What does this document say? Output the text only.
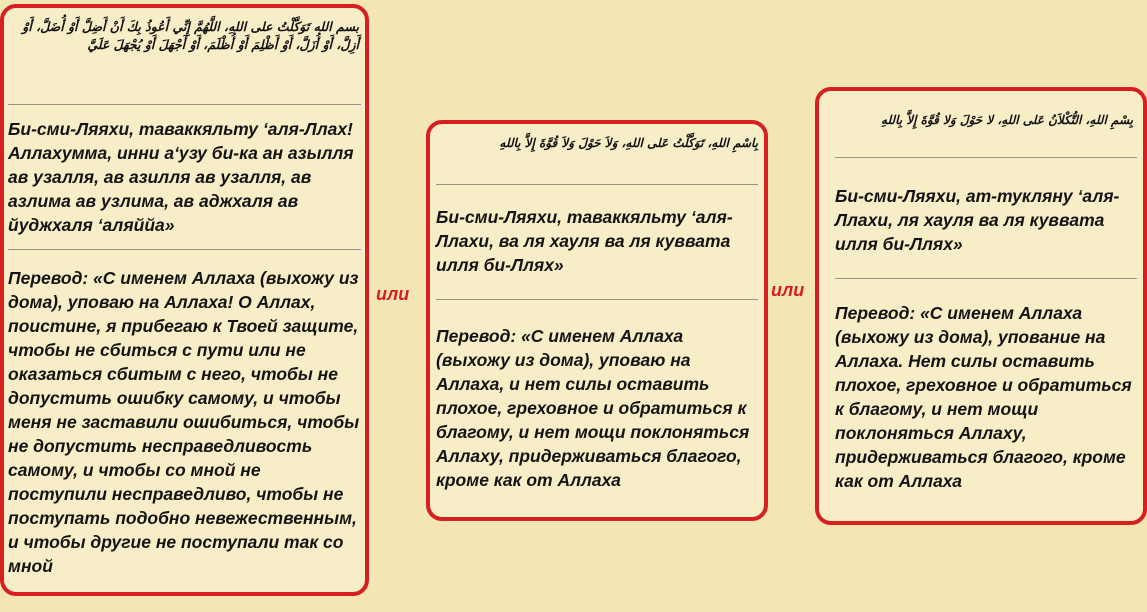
بسم الله تَوَكَّلْتُ على اللهِ، اللَّهُمَّ إِنِّي أَعُوذُ بِكَ أَنْ أَضِلَّ أَوْ أُضَلَّ، أَوْ أَزِلَّ، أَوْ أُزَلَّ، أَوْ أَظْلِمَ أَوْ أُظْلَمَ، أَوْ أَجْهَلَ أَوْ يُجْهَلَ عَلَيَّ
Би-сми-Ляяхи, таваккяльту ‘аля-Ллах! Аллахумма, инни а‘узу би-ка ан азылля ав узалля, ав азилля ав узалля, ав азлима ав узлима, ав аджхаля ав йуджхаля ‘аляййа»
Перевод: «С именем Аллаха (выхожу из дома), уповаю на Аллаха! О Аллах, поистине, я прибегаю к Твоей защите, чтобы не сбиться с пути или не оказаться сбитым с него, чтобы не допустить ошибку самому, и чтобы меня не заставили ошибиться, чтобы не допустить несправедливость самому, и чтобы со мной не поступили несправедливо, чтобы не поступать подобно невежественным, и чтобы другие не поступали так со мной
или
بِاسْمِ اللهِ، تَوَكَّلْتُ عَلى اللهِ، وَلاَ حَوْلَ وَلاَ قُوَّةَ إِلاَّ بِاللهِ
Би-сми-Ляяхи, таваккяльту ‘аля-Ллахи, ва ля хауля ва ля куввата илля би-Ллях»
Перевод: «С именем Аллаха (выхожу из дома), уповаю на Аллаха, и нет силы оставить плохое, греховное и обратиться к благому, и нет мощи поклоняться Аллаху, придерживаться благого, кроме как от Аллаха
или
بِسْمِ اللهِ، التُّكْلاَنُ عَلى اللهِ، لا حَوْلَ وَلا قُوَّةَ إِلاَّ بِاللهِ
Би-сми-Ляяхи, ат-тукляну ‘аля-Ллахи, ля хауля ва ля куввата илля би-Ллях»
Перевод: «С именем Аллаха (выхожу из дома), упование на Аллаха. Нет силы оставить плохое, греховное и обратиться к благому, и нет мощи поклоняться Аллаху, придерживаться благого, кроме как от Аллаха
